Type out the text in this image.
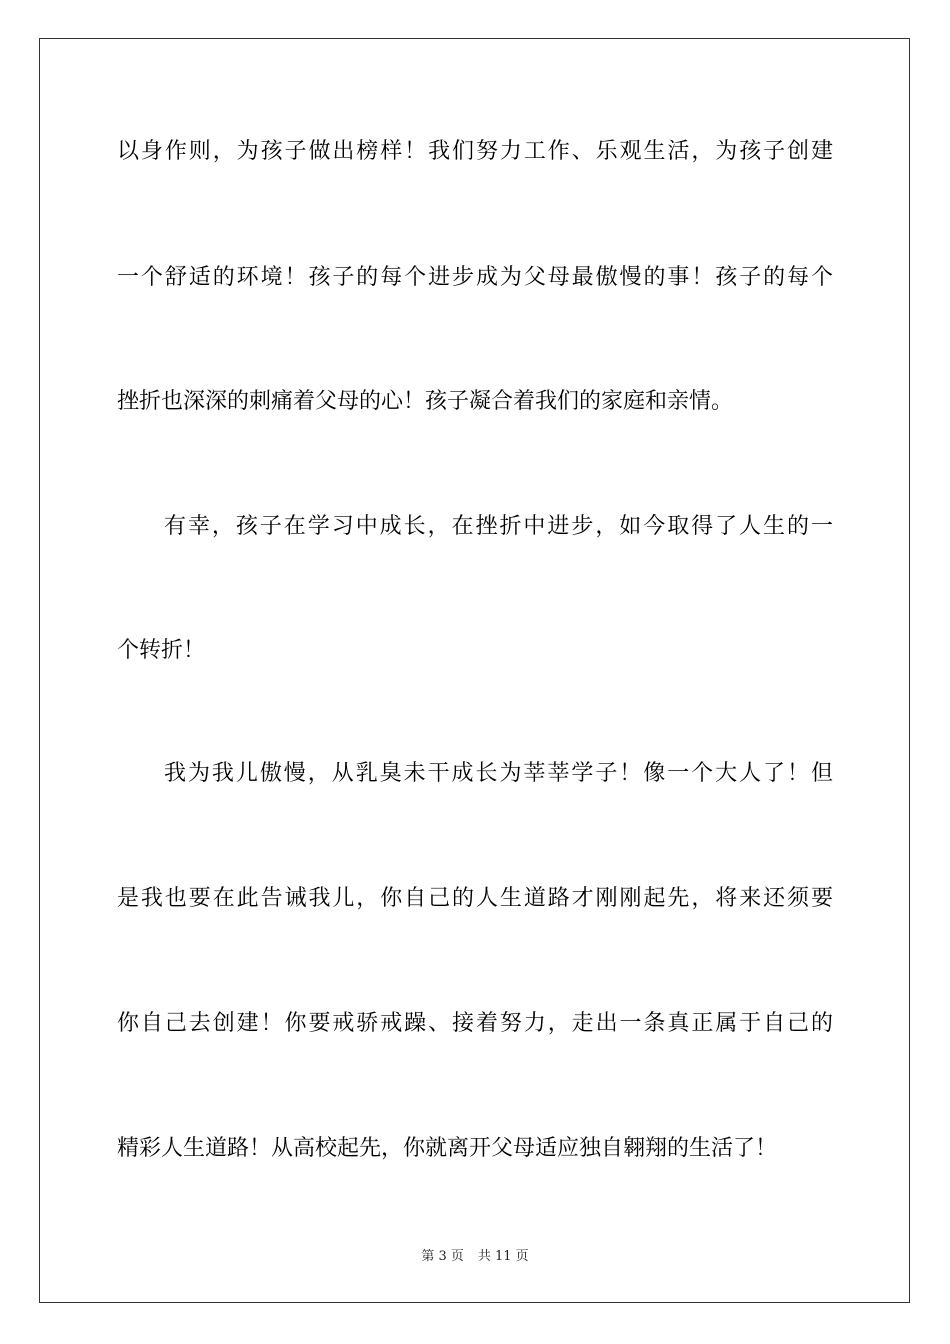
以身作则，为孩子做出榜样！我们努力工作、乐观生活，为孩子创建
一个舒适的环境！孩子的每个进步成为父母最傲慢的事！孩子的每个
挫折也深深的刺痛着父母的心！孩子凝合着我们的家庭和亲情。
有幸，孩子在学习中成长，在挫折中进步，如今取得了人生的一
个转折！
我为我儿傲慢，从乳臭未干成长为莘莘学子！像一个大人了！但
是我也要在此告诫我儿，你自己的人生道路才刚刚起先，将来还须要
你自己去创建！你要戒骄戒躁、接着努力，走出一条真正属于自己的
精彩人生道路！从高校起先，你就离开父母适应独自翱翔的生活了！
第 3 页 共 11 页
